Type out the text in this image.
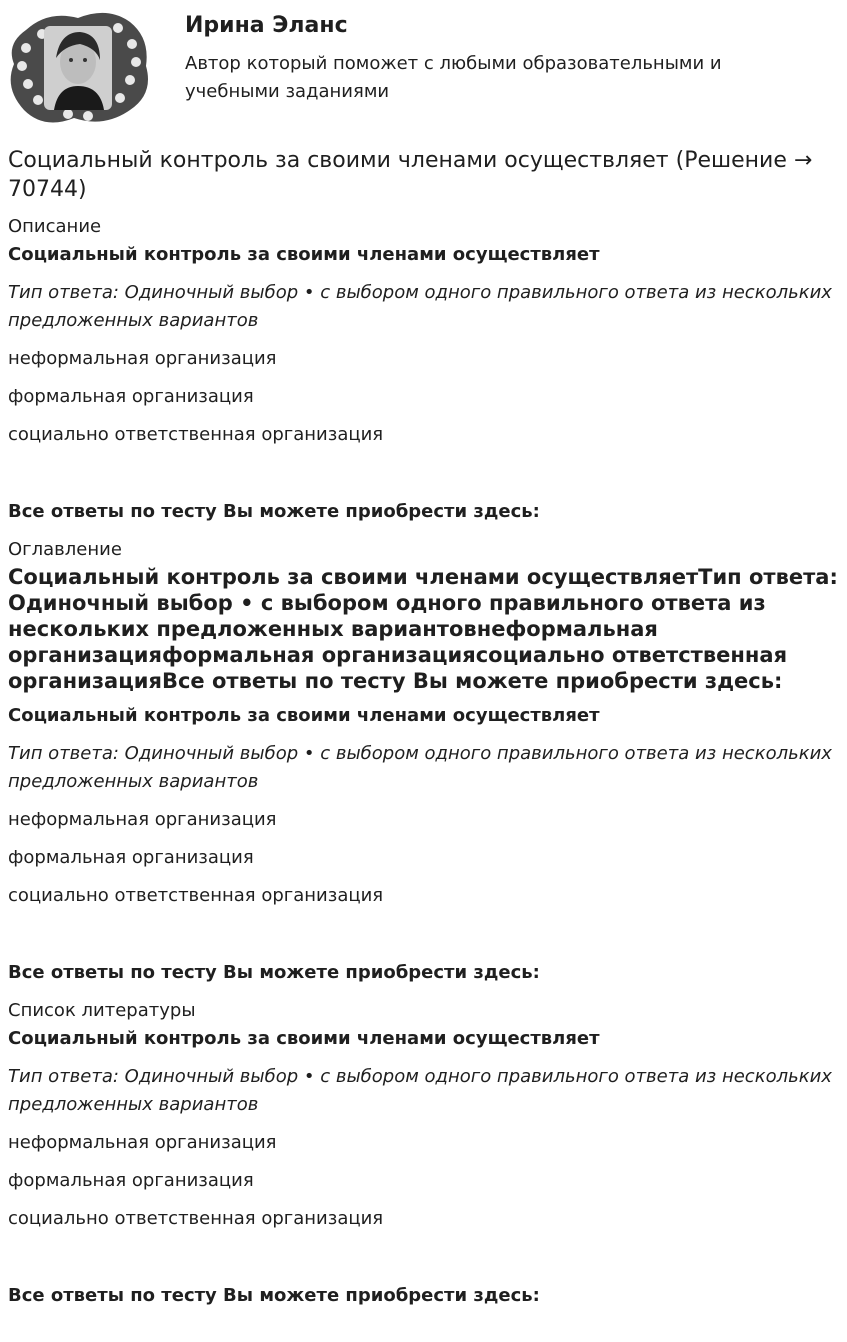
Ирина Эланс

Автор который поможет с любыми образовательными и учебными заданиями

Социальный контроль за своими членами осуществляет (Решение → 70744)

Описание

Социальный контроль за своими членами осуществляет

Тип ответа: Одиночный выбор • с выбором одного правильного ответа из нескольких предложенных вариантов

неформальная организация

формальная организация

социально ответственная организация

Все ответы по тесту Вы можете приобрести здесь:

Оглавление

Социальный контроль за своими членами осуществляетТип ответа: Одиночный выбор • с выбором одного правильного ответа из нескольких предложенных вариантовнеформальная организацияформальная организациясоциально ответственная организацияВсе ответы по тесту Вы можете приобрести здесь:

Социальный контроль за своими членами осуществляет

Тип ответа: Одиночный выбор • с выбором одного правильного ответа из нескольких предложенных вариантов

неформальная организация

формальная организация

социально ответственная организация

Все ответы по тесту Вы можете приобрести здесь:

Список литературы

Социальный контроль за своими членами осуществляет

Тип ответа: Одиночный выбор • с выбором одного правильного ответа из нескольких предложенных вариантов

неформальная организация

формальная организация

социально ответственная организация

Все ответы по тесту Вы можете приобрести здесь:
